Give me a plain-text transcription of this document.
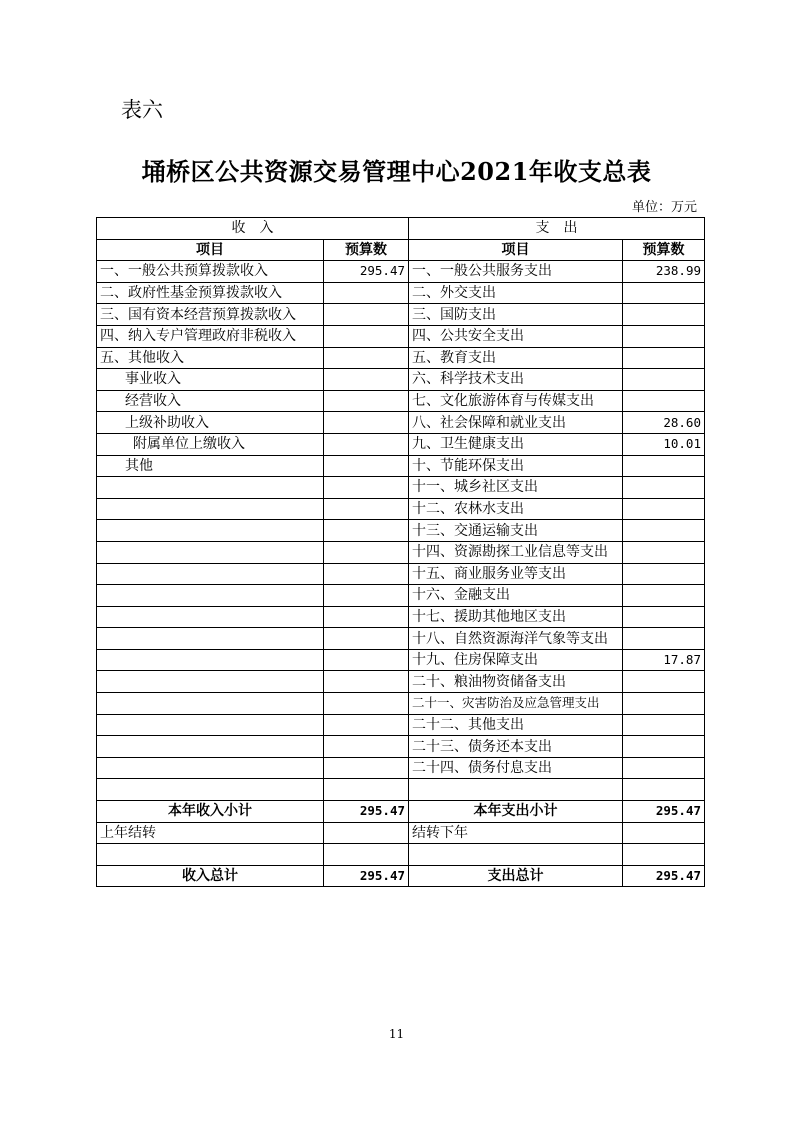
表六
埇桥区公共资源交易管理中心2021年收支总表
单位：万元
收　入		支　出	
项目	预算数	项目	预算数
一、一般公共预算拨款收入	295.47	一、一般公共服务支出	238.99
二、政府性基金预算拨款收入		二、外交支出	
三、国有资本经营预算拨款收入		三、国防支出	
四、纳入专户管理政府非税收入		四、公共安全支出	
五、其他收入		五、教育支出	
事业收入		六、科学技术支出	
经营收入		七、文化旅游体育与传媒支出	
上级补助收入		八、社会保障和就业支出	28.60
附属单位上缴收入		九、卫生健康支出	10.01
其他		十、节能环保支出	
		十一、城乡社区支出	
		十二、农林水支出	
		十三、交通运输支出	
		十四、资源勘探工业信息等支出	
		十五、商业服务业等支出	
		十六、金融支出	
		十七、援助其他地区支出	
		十八、自然资源海洋气象等支出	
		十九、住房保障支出	17.87
		二十、粮油物资储备支出	
		二十一、灾害防治及应急管理支出	
		二十二、其他支出	
		二十三、债务还本支出	
		二十四、债务付息支出	

本年收入小计	295.47	本年支出小计	295.47
上年结转		结转下年	

收入总计	295.47	支出总计	295.47
11
